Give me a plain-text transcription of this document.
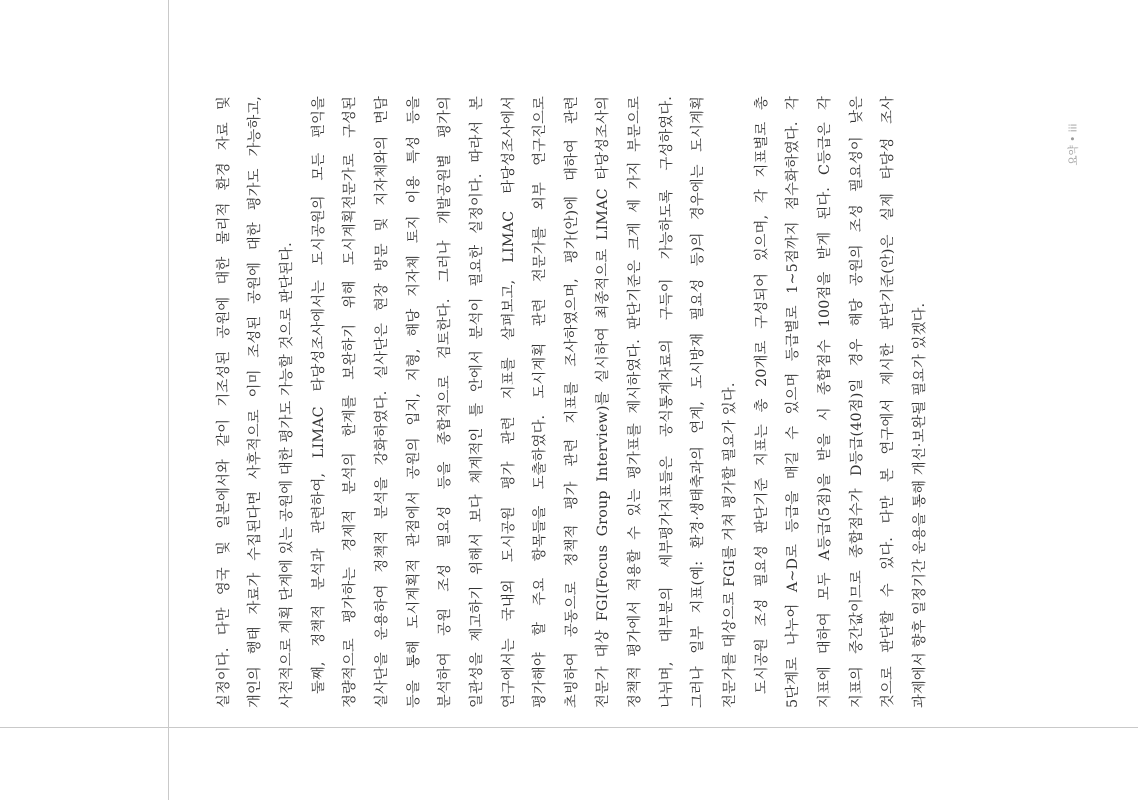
요약 • iii
실정이다. 다만 영국 및 일본에서와 같이 기조성된 공원에 대한 물리적 환경 자료 및 개인의 행태 자료가 수집된다면 사후적으로 이미 조성된 공원에 대한 평가도 가능하고, 사전적으로 계획 단계에 있는 공원에 대한 평가도 가능할 것으로 판단된다. 둘째, 정책적 분석과 관련하여, LIMAC 타당성조사에서는 도시공원의 모든 편익을 정량적으로 평가하는 경제적 분석의 한계를 보완하기 위해 도시계획전문가로 구성된 실사단을 운용하여 정책적 분석을 강화하였다. 실사단은 현장 방문 및 지자체와의 면담 등을 통해 도시계획적 관점에서 공원의 입지, 지형, 해당 지자체 토지 이용 특성 등을 분석하여 공원 조성 필요성 등을 종합적으로 검토한다. 그러나 개발공원별 평가의 일관성을 제고하기 위해서 보다 체계적인 틀 안에서 분석이 필요한 실정이다. 따라서 본 연구에서는 국내외 도시공원 평가 관련 지표를 살펴보고, LIMAC 타당성조사에서 평가해야 할 주요 항목들을 도출하였다. 도시계획 관련 전문가를 외부 연구진으로 초빙하여 공동으로 정책적 평가 관련 지표를 조사하였으며, 평가(안)에 대하여 관련 전문가 대상 FGI(Focus Group Interview)를 실시하여 최종적으로 LIMAC 타당성조사의 정책적 평가에서 적용할 수 있는 평가표를 제시하였다. 판단기준은 크게 세 가지 부문으로 나뉘며, 대부분의 세부평가지표들은 공식통계자료의 구득이 가능하도록 구성하였다. 그러나 일부 지표(예: 환경·생태축과의 연계, 도시방재 필요성 등)의 경우에는 도시계획 전문가를 대상으로 FGI를 거쳐 평가할 필요가 있다. 도시공원 조성 필요성 판단기준 지표는 총 20개로 구성되어 있으며, 각 지표별로 총 5단계로 나누어 A~D로 등급을 매길 수 있으며 등급별로 1~5점까지 점수화하였다. 각 지표에 대하여 모두 A등급(5점)을 받을 시 종합점수 100점을 받게 된다. C등급은 각 지표의 중간값이므로 종합점수가 D등급(40점)일 경우 해당 공원의 조성 필요성이 낮은 것으로 판단할 수 있다. 다만 본 연구에서 제시한 판단기준(안)은 실제 타당성 조사 과제에서 향후 일정기간 운용을 통해 개선·보완될 필요가 있겠다.
